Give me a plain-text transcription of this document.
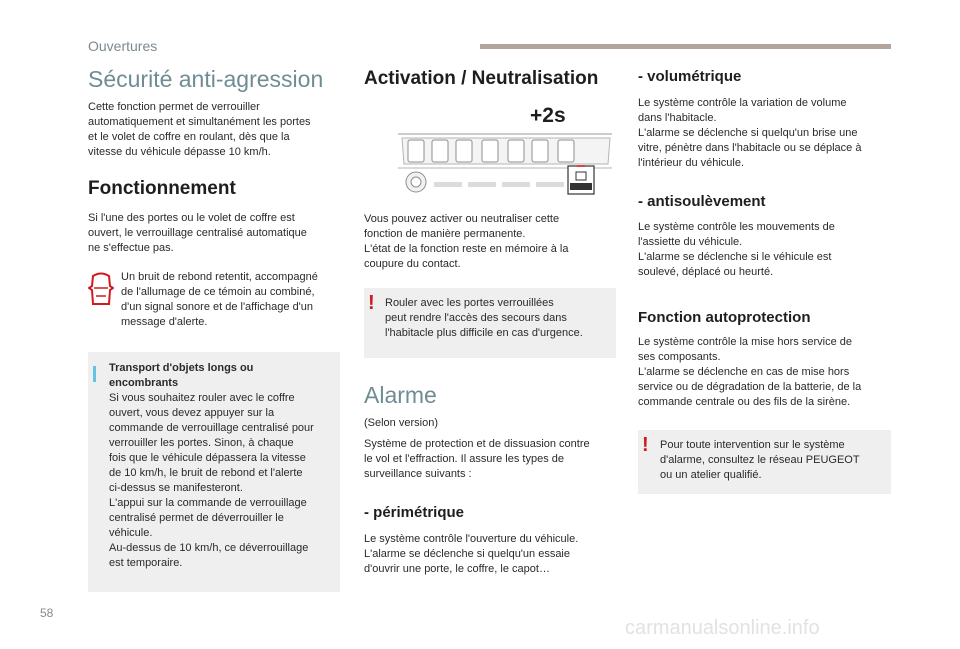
Ouvertures
Sécurité anti-agression
Cette fonction permet de verrouiller
automatiquement et simultanément les portes
et le volet de coffre en roulant, dès que la
vitesse du véhicule dépasse 10 km/h.
Fonctionnement
Si l'une des portes ou le volet de coffre est
ouvert, le verrouillage centralisé automatique
ne s'effectue pas.
Un bruit de rebond retentit, accompagné
de l'allumage de ce témoin au combiné,
d'un signal sonore et de l'affichage d'un
message d'alerte.
Transport d'objets longs ou
encombrants
Si vous souhaitez rouler avec le coffre
ouvert, vous devez appuyer sur la
commande de verrouillage centralisé pour
verrouiller les portes. Sinon, à chaque
fois que le véhicule dépassera la vitesse
de 10 km/h, le bruit de rebond et l'alerte
ci-dessus se manifesteront.
L'appui sur la commande de verrouillage
centralisé permet de déverrouiller le
véhicule.
Au-dessus de 10 km/h, ce déverrouillage
est temporaire.
Activation / Neutralisation
+2s
Vous pouvez activer ou neutraliser cette
fonction de manière permanente.
L'état de la fonction reste en mémoire à la
coupure du contact.
! Rouler avec les portes verrouillées
peut rendre l'accès des secours dans
l'habitacle plus difficile en cas d'urgence.
Alarme
(Selon version)
Système de protection et de dissuasion contre
le vol et l'effraction. Il assure les types de
surveillance suivants :
- périmétrique
Le système contrôle l'ouverture du véhicule.
L'alarme se déclenche si quelqu'un essaie
d'ouvrir une porte, le coffre, le capot…
- volumétrique
Le système contrôle la variation de volume
dans l'habitacle.
L'alarme se déclenche si quelqu'un brise une
vitre, pénètre dans l'habitacle ou se déplace à
l'intérieur du véhicule.
- antisoulèvement
Le système contrôle les mouvements de
l'assiette du véhicule.
L'alarme se déclenche si le véhicule est
soulevé, déplacé ou heurté.
Fonction autoprotection
Le système contrôle la mise hors service de
ses composants.
L'alarme se déclenche en cas de mise hors
service ou de dégradation de la batterie, de la
commande centrale ou des fils de la sirène.
! Pour toute intervention sur le système
d'alarme, consultez le réseau PEUGEOT
ou un atelier qualifié.
58
carmanualsonline.info
